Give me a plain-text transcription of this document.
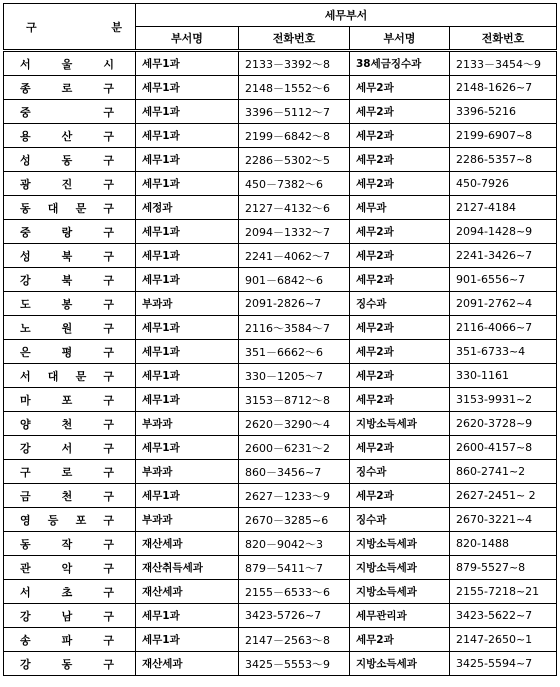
구 분	세무부서			
	부서명	전화번호	부서명	전화번호
서 울 시	세무1과	2133－3392～8	38세금징수과	2133－3454～9
종 로 구	세무1과	2148－1552～6	세무2과	2148-1626~7
중 구	세무1과	3396－5112～7	세무2과	3396-5216
용 산 구	세무1과	2199－6842～8	세무2과	2199-6907~8
성 동 구	세무1과	2286－5302～5	세무2과	2286-5357~8
광 진 구	세무1과	450－7382～6	세무2과	450-7926
동 대 문 구	세정과	2127－4132～6	세무과	2127-4184
중 랑 구	세무1과	2094－1332～7	세무2과	2094-1428~9
성 북 구	세무1과	2241－4062～7	세무2과	2241-3426~7
강 북 구	세무1과	901－6842～6	세무2과	901-6556~7
도 봉 구	부과과	2091-2826~7	징수과	2091-2762~4
노 원 구	세무1과	2116～3584～7	세무2과	2116-4066~7
은 평 구	세무1과	351－6662～6	세무2과	351-6733~4
서 대 문 구	세무1과	330－1205～7	세무2과	330-1161
마 포 구	세무1과	3153－8712～8	세무2과	3153-9931~2
양 천 구	부과과	2620－3290～4	지방소득세과	2620-3728~9
강 서 구	세무1과	2600－6231～2	세무2과	2600-4157~8
구 로 구	부과과	860－3456~7	징수과	860-2741~2
금 천 구	세무1과	2627－1233～9	세무2과	2627-2451~ 2
영 등 포 구	부과과	2670－3285~6	징수과	2670-3221~4
동 작 구	재산세과	820－9042～3	지방소득세과	820-1488
관 악 구	재산취득세과	879－5411～7	지방소득세과	879-5527~8
서 초 구	재산세과	2155－6533～6	지방소득세과	2155-7218~21
강 남 구	세무1과	3423-5726~7	세무관리과	3423-5622~7
송 파 구	세무1과	2147－2563～8	세무2과	2147-2650~1
강 동 구	재산세과	3425－5553～9	지방소득세과	3425-5594~7
